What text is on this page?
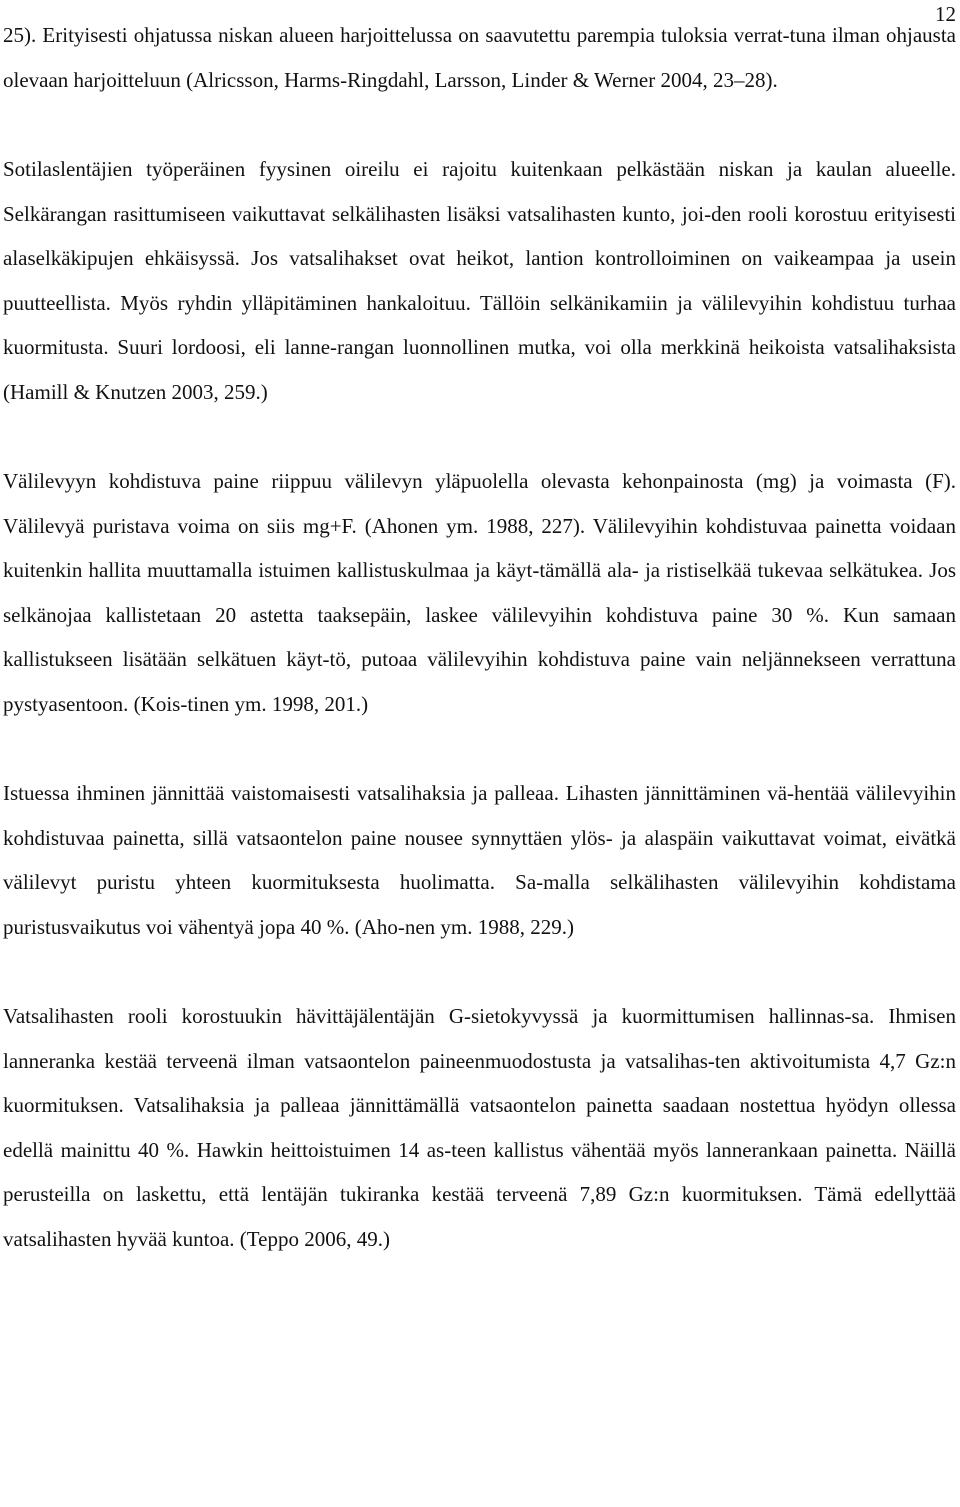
12

25). Erityisesti ohjatussa niskan alueen harjoittelussa on saavutettu parempia tuloksia verrat-tuna ilman ohjausta olevaan harjoitteluun (Alricsson, Harms-Ringdahl, Larsson, Linder & Werner 2004, 23–28).

Sotilaslentäjien työperäinen fyysinen oireilu ei rajoitu kuitenkaan pelkästään niskan ja kaulan alueelle. Selkärangan rasittumiseen vaikuttavat selkälihasten lisäksi vatsalihasten kunto, joi-den rooli korostuu erityisesti alaselkäkipujen ehkäisyssä. Jos vatsalihakset ovat heikot, lantion kontrolloiminen on vaikeampaa ja usein puutteellista. Myös ryhdin ylläpitäminen hankaloituu. Tällöin selkänikamiin ja välilevyihin kohdistuu turhaa kuormitusta. Suuri lordoosi, eli lanne-rangan luonnollinen mutka, voi olla merkkinä heikoista vatsalihaksista (Hamill & Knutzen 2003, 259.)

Välilevyyn kohdistuva paine riippuu välilevyn yläpuolella olevasta kehonpainosta (mg) ja voimasta (F). Välilevyä puristava voima on siis mg+F. (Ahonen ym. 1988, 227). Välilevyihin kohdistuvaa painetta voidaan kuitenkin hallita muuttamalla istuimen kallistuskulmaa ja käyt-tämällä ala- ja ristiselkää tukevaa selkätukea. Jos selkänojaa kallistetaan 20 astetta taaksepäin, laskee välilevyihin kohdistuva paine 30 %. Kun samaan kallistukseen lisätään selkätuen käyt-tö, putoaa välilevyihin kohdistuva paine vain neljännekseen verrattuna pystyasentoon. (Kois-tinen ym. 1998, 201.)

Istuessa ihminen jännittää vaistomaisesti vatsalihaksia ja palleaa. Lihasten jännittäminen vä-hentää välilevyihin kohdistuvaa painetta, sillä vatsaontelon paine nousee synnyttäen ylös- ja alaspäin vaikuttavat voimat, eivätkä välilevyt puristu yhteen kuormituksesta huolimatta. Sa-malla selkälihasten välilevyihin kohdistama puristusvaikutus voi vähentyä jopa 40 %. (Aho-nen ym. 1988, 229.)

Vatsalihasten rooli korostuukin hävittäjälentäjän G-sietokyvyssä ja kuormittumisen hallinnas-sa. Ihmisen lanneranka kestää terveenä ilman vatsaontelon paineenmuodostusta ja vatsalihas-ten aktivoitumista 4,7 Gz:n kuormituksen. Vatsalihaksia ja palleaa jännittämällä vatsaontelon painetta saadaan nostettua hyödyn ollessa edellä mainittu 40 %. Hawkin heittoistuimen 14 as-teen kallistus vähentää myös lannerankaan painetta. Näillä perusteilla on laskettu, että lentäjän tukiranka kestää terveenä 7,89 Gz:n kuormituksen. Tämä edellyttää vatsalihasten hyvää kuntoa. (Teppo 2006, 49.)
